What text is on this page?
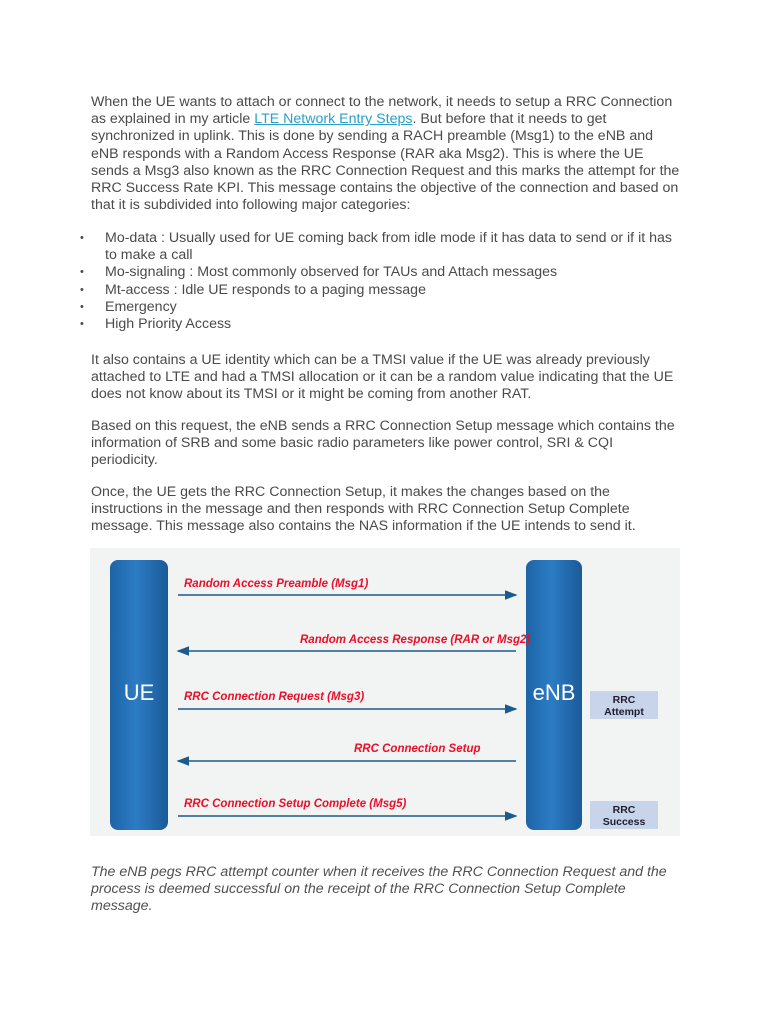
When the UE wants to attach or connect to the network, it needs to setup a RRC Connection as explained in my article LTE Network Entry Steps. But before that it needs to get synchronized in uplink. This is done by sending a RACH preamble (Msg1) to the eNB and eNB responds with a Random Access Response (RAR aka Msg2). This is where the UE sends a Msg3 also known as the RRC Connection Request and this marks the attempt for the RRC Success Rate KPI. This message contains the objective of the connection and based on that it is subdivided into following major categories:

• Mo-data : Usually used for UE coming back from idle mode if it has data to send or if it has to make a call
• Mo-signaling : Most commonly observed for TAUs and Attach messages
• Mt-access : Idle UE responds to a paging message
• Emergency
• High Priority Access

It also contains a UE identity which can be a TMSI value if the UE was already previously attached to LTE and had a TMSI allocation or it can be a random value indicating that the UE does not know about its TMSI or it might be coming from another RAT.

Based on this request, the eNB sends a RRC Connection Setup message which contains the information of SRB and some basic radio parameters like power control, SRI & CQI periodicity.

Once, the UE gets the RRC Connection Setup, it makes the changes based on the instructions in the message and then responds with RRC Connection Setup Complete message. This message also contains the NAS information if the UE intends to send it.

UE	eNB
Random Access Preamble (Msg1)
Random Access Response (RAR or Msg2)
RRC Connection Request (Msg3)
RRC Connection Setup
RRC Connection Setup Complete (Msg5)
RRC
Attempt
RRC
Success

The eNB pegs RRC attempt counter when it receives the RRC Connection Request and the process is deemed successful on the receipt of the RRC Connection Setup Complete message.
